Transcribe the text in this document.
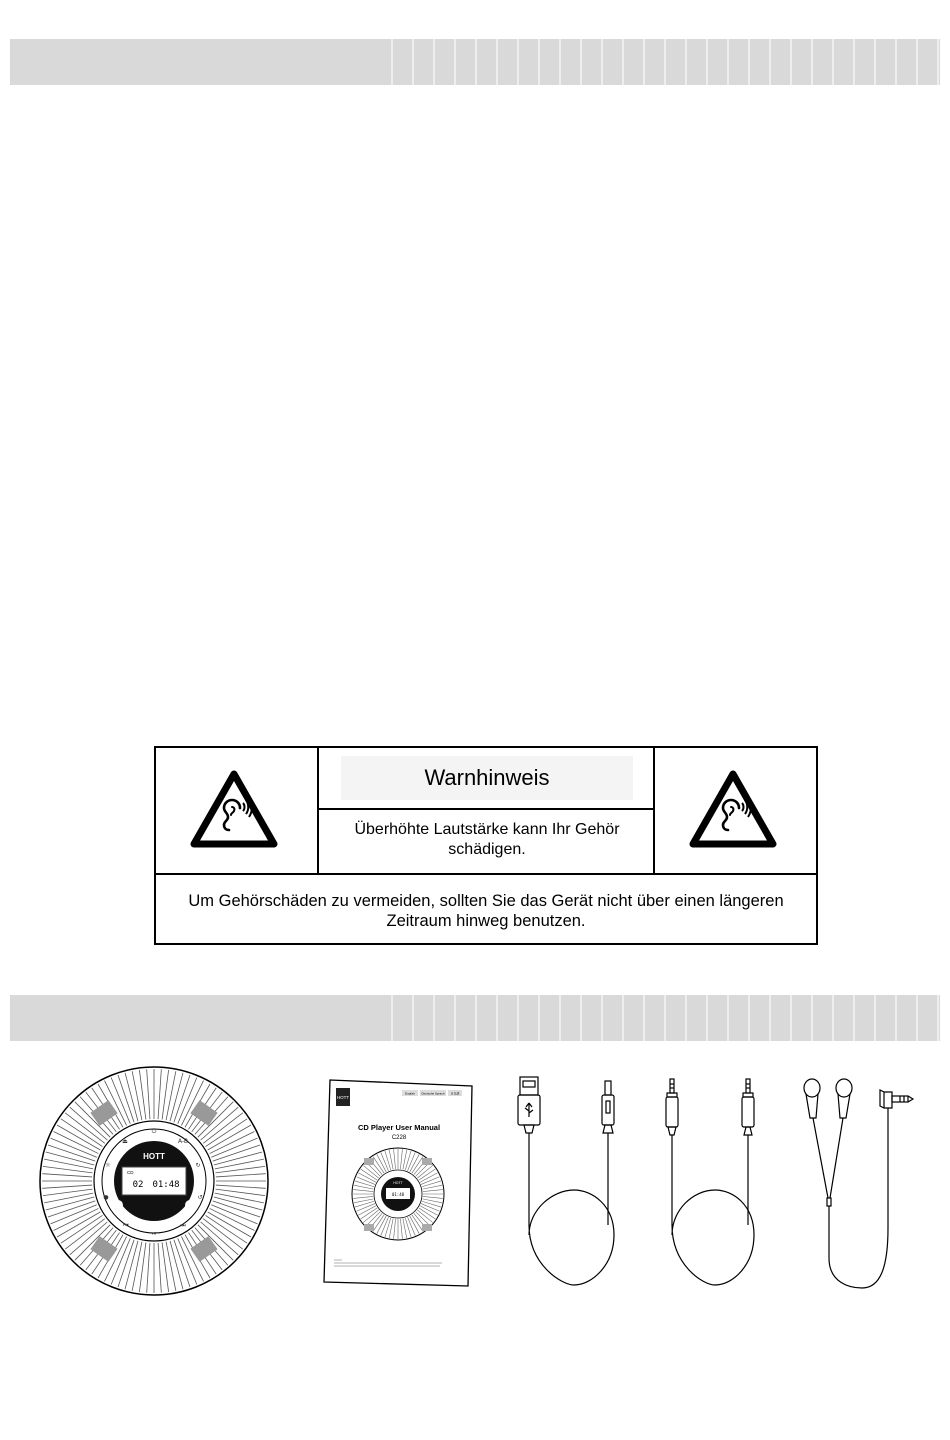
Warnhinweis
Überhöhte Lautstärke kann Ihr Gehör schädigen.
Um Gehörschäden zu vermeiden, sollten Sie das Gerät nicht über einen längeren Zeitraum hinweg benutzen.
⏏
⏻
A-B
↻
↺
☼
●
⏮
⏯
⏭
HOTT
CD
02 01:48
HOTT
English Deutsche Sprach 日本語
CD Player User Manual
C228
HOTT
01:48
